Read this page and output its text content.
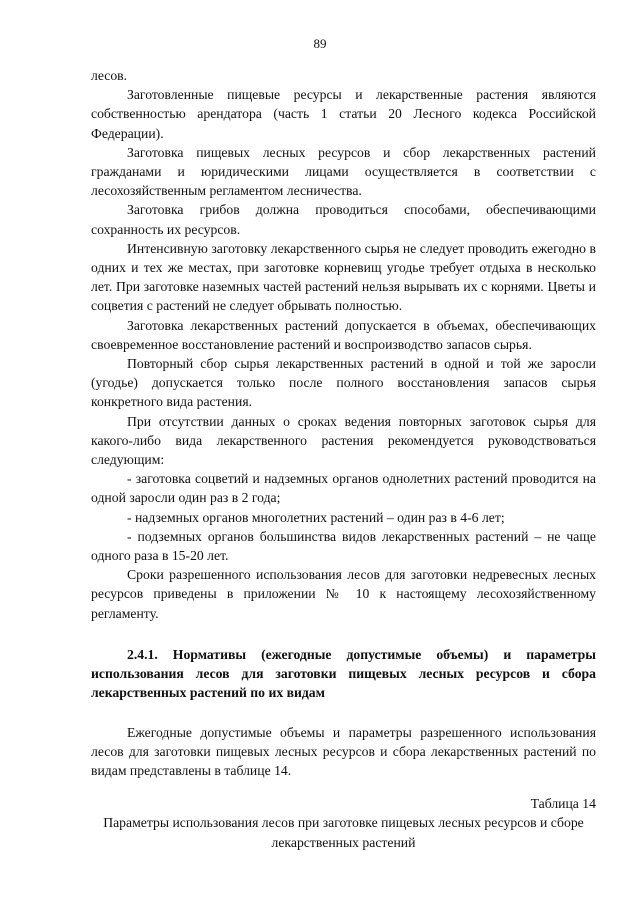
89

лесов.

Заготовленные пищевые ресурсы и лекарственные растения являются собственностью арендатора (часть 1 статьи 20 Лесного кодекса Российской Федерации).

Заготовка пищевых лесных ресурсов и сбор лекарственных растений гражданами и юридическими лицами осуществляется в соответствии с лесохозяйственным регламентом лесничества.

Заготовка грибов должна проводиться способами, обеспечивающими сохранность их ресурсов.

Интенсивную заготовку лекарственного сырья не следует проводить ежегодно в одних и тех же местах, при заготовке корневищ угодье требует отдыха в несколько лет. При заготовке наземных частей растений нельзя вырывать их с корнями. Цветы и соцветия с растений не следует обрывать полностью.

Заготовка лекарственных растений допускается в объемах, обеспечивающих своевременное восстановление растений и воспроизводство запасов сырья.

Повторный сбор сырья лекарственных растений в одной и той же заросли (угодье) допускается только после полного восстановления запасов сырья конкретного вида растения.

При отсутствии данных о сроках ведения повторных заготовок сырья для какого-либо вида лекарственного растения рекомендуется руководствоваться следующим:

- заготовка соцветий и надземных органов однолетних растений проводится на одной заросли один раз в 2 года;

- надземных органов многолетних растений – один раз в 4-6 лет;

- подземных органов большинства видов лекарственных растений – не чаще одного раза в 15-20 лет.

Сроки разрешенного использования лесов для заготовки недревесных лесных ресурсов приведены в приложении № 10 к настоящему лесохозяйственному регламенту.

2.4.1. Нормативы (ежегодные допустимые объемы) и параметры использования лесов для заготовки пищевых лесных ресурсов и сбора лекарственных растений по их видам

Ежегодные допустимые объемы и параметры разрешенного использования лесов для заготовки пищевых лесных ресурсов и сбора лекарственных растений по видам представлены в таблице 14.

Таблица 14

Параметры использования лесов при заготовке пищевых лесных ресурсов и сборе лекарственных растений
